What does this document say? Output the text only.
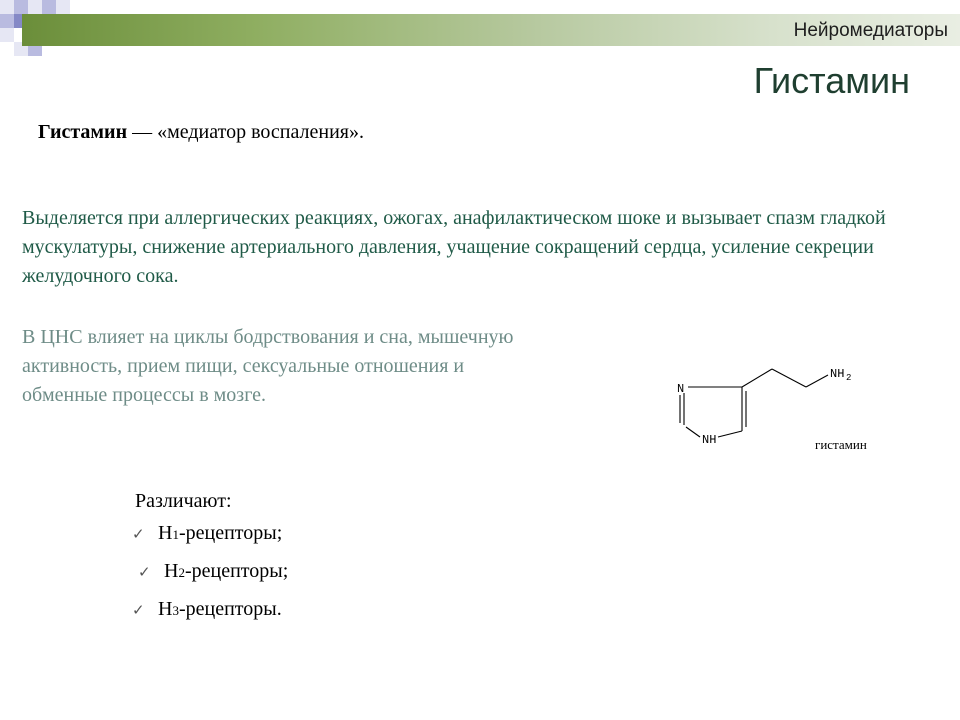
Нейромедиаторы
Гистамин
Гистамин — «медиатор воспаления».
Выделяется при аллергических реакциях, ожогах, анафилактическом шоке и вызывает спазм гладкой мускулатуры, снижение артериального давления, учащение сокращений сердца, усиление секреции желудочного сока.
В ЦНС влияет на циклы бодрствования и сна, мышечную активность, прием пищи, сексуальные отношения и обменные процессы в мозге.	N
NH
NH 2
гистамин
Различают:
✓ H 1 -рецепторы;
✓ H 2 -рецепторы;
✓ H 3 -рецепторы.
